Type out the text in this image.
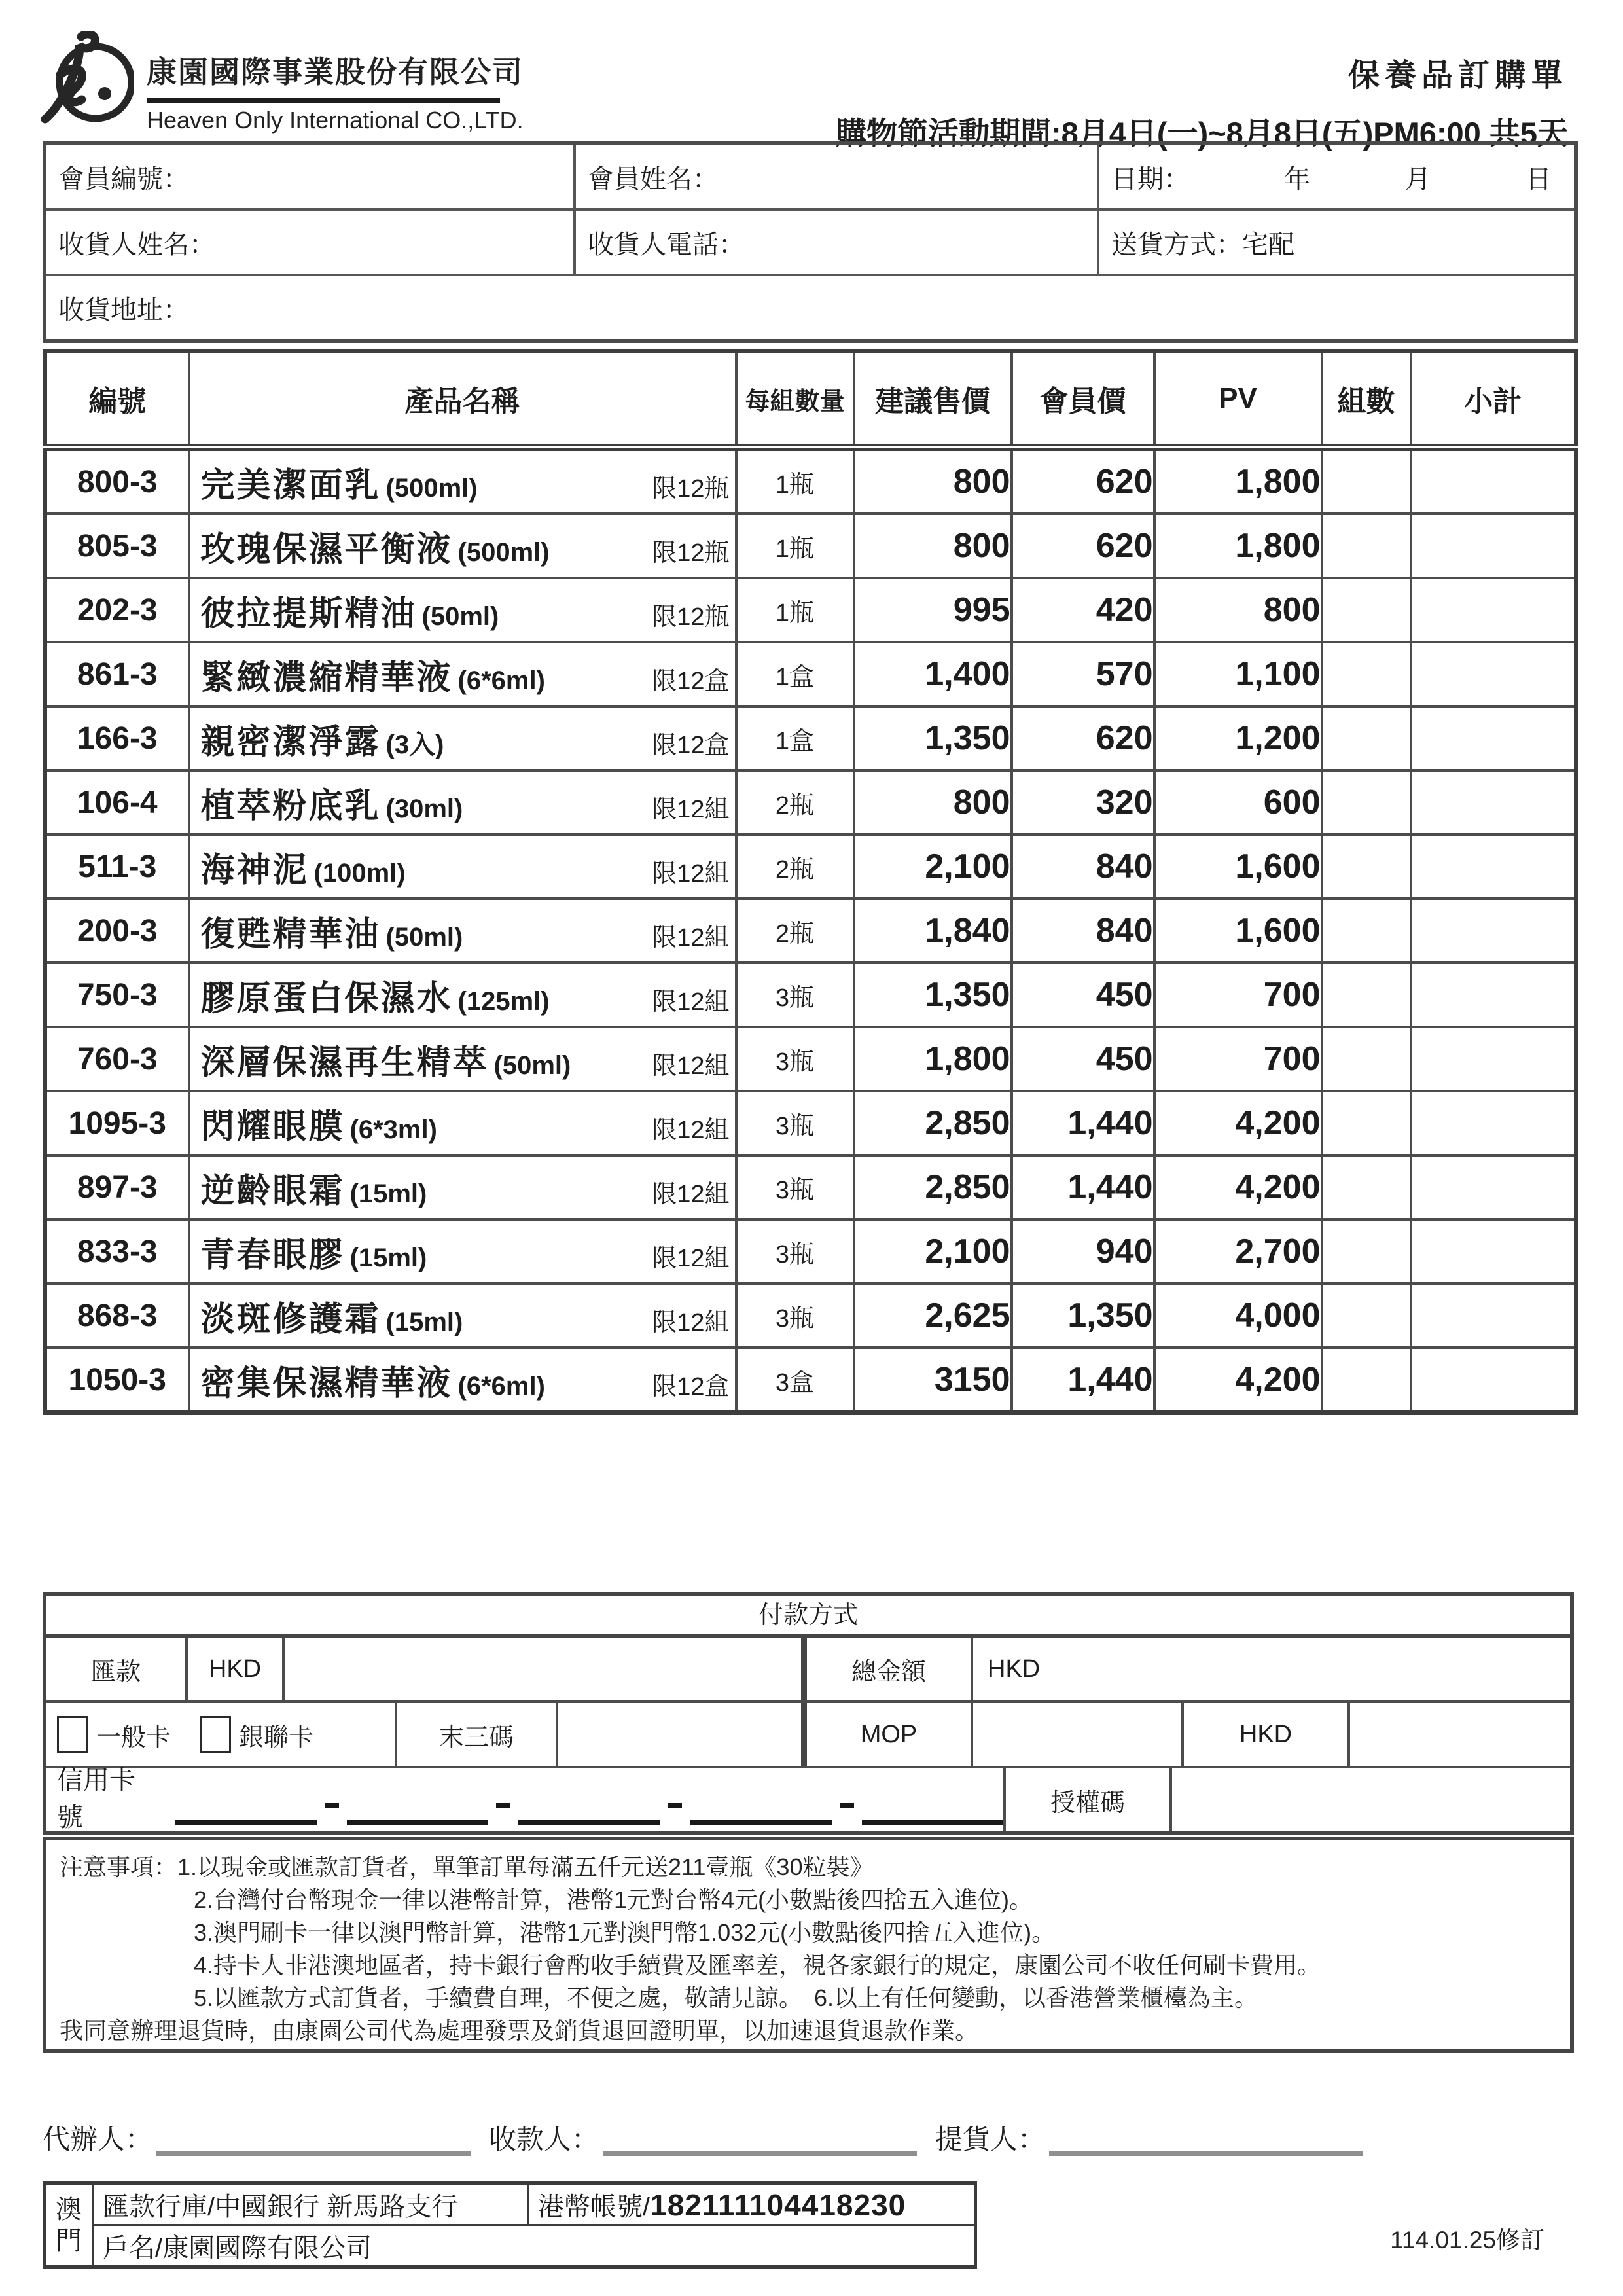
康園國際事業股份有限公司
Heaven Only International CO.,LTD.
保養品訂購單
購物節活動期間:8月4日(一)~8月8日(五)PM6:00 共5天
會員編號：	會員姓名：	日期： 年 月 日

收貨人姓名：	收貨人電話：	送貨方式：宅配

收貨地址：		
編號	產品名稱	每組數量	建議售價	會員價	PV	組數	小計
800-3	完美潔面乳 (500ml) 限12瓶	1瓶	800	620	1,800		
805-3	玫瑰保濕平衡液 (500ml) 限12瓶	1瓶	800	620	1,800		
202-3	彼拉提斯精油 (50ml) 限12瓶	1瓶	995	420	800		
861-3	緊緻濃縮精華液 (6*6ml) 限12盒	1盒	1,400	570	1,100		
166-3	親密潔淨露 (3入) 限12盒	1盒	1,350	620	1,200		
106-4	植萃粉底乳 (30ml) 限12組	2瓶	800	320	600		
511-3	海神泥 (100ml) 限12組	2瓶	2,100	840	1,600		
200-3	復甦精華油 (50ml) 限12組	2瓶	1,840	840	1,600		
750-3	膠原蛋白保濕水 (125ml) 限12組	3瓶	1,350	450	700		
760-3	深層保濕再生精萃 (50ml) 限12組	3瓶	1,800	450	700		
1095-3	閃耀眼膜 (6*3ml) 限12組	3瓶	2,850	1,440	4,200		
897-3	逆齡眼霜 (15ml) 限12組	3瓶	2,850	1,440	4,200		
833-3	青春眼膠 (15ml) 限12組	3瓶	2,100	940	2,700		
868-3	淡斑修護霜 (15ml) 限12組	3瓶	2,625	1,350	4,000		
1050-3	密集保濕精華液 (6*6ml) 限12盒	3盒	3150	1,440	4,200		
付款方式
匯款	HKD	總金額	HKD
一般卡	銀聯卡	末三碼	MOP	HKD
信用卡號
授權碼
注意事項：1.以現金或匯款訂貨者，單筆訂單每滿五仟元送211壹瓶《30粒裝》
2.台灣付台幣現金一律以港幣計算，港幣1元對台幣4元(小數點後四捨五入進位)。
3.澳門刷卡一律以澳門幣計算，港幣1元對澳門幣1.032元(小數點後四捨五入進位)。
4.持卡人非港澳地區者，持卡銀行會酌收手續費及匯率差，視各家銀行的規定，康園公司不收任何刷卡費用。
5.以匯款方式訂貨者，手續費自理，不便之處，敬請見諒。　6.以上有任何變動，以香港營業櫃檯為主。
我同意辦理退貨時，由康園公司代為處理發票及銷貨退回證明單，以加速退貨退款作業。
代辦人：	收款人：	提貨人：
澳
門
	匯款行庫/中國銀行 新馬路支行	港幣帳號/182111104418230
戶名/康園國際有限公司	114.01.25修訂
